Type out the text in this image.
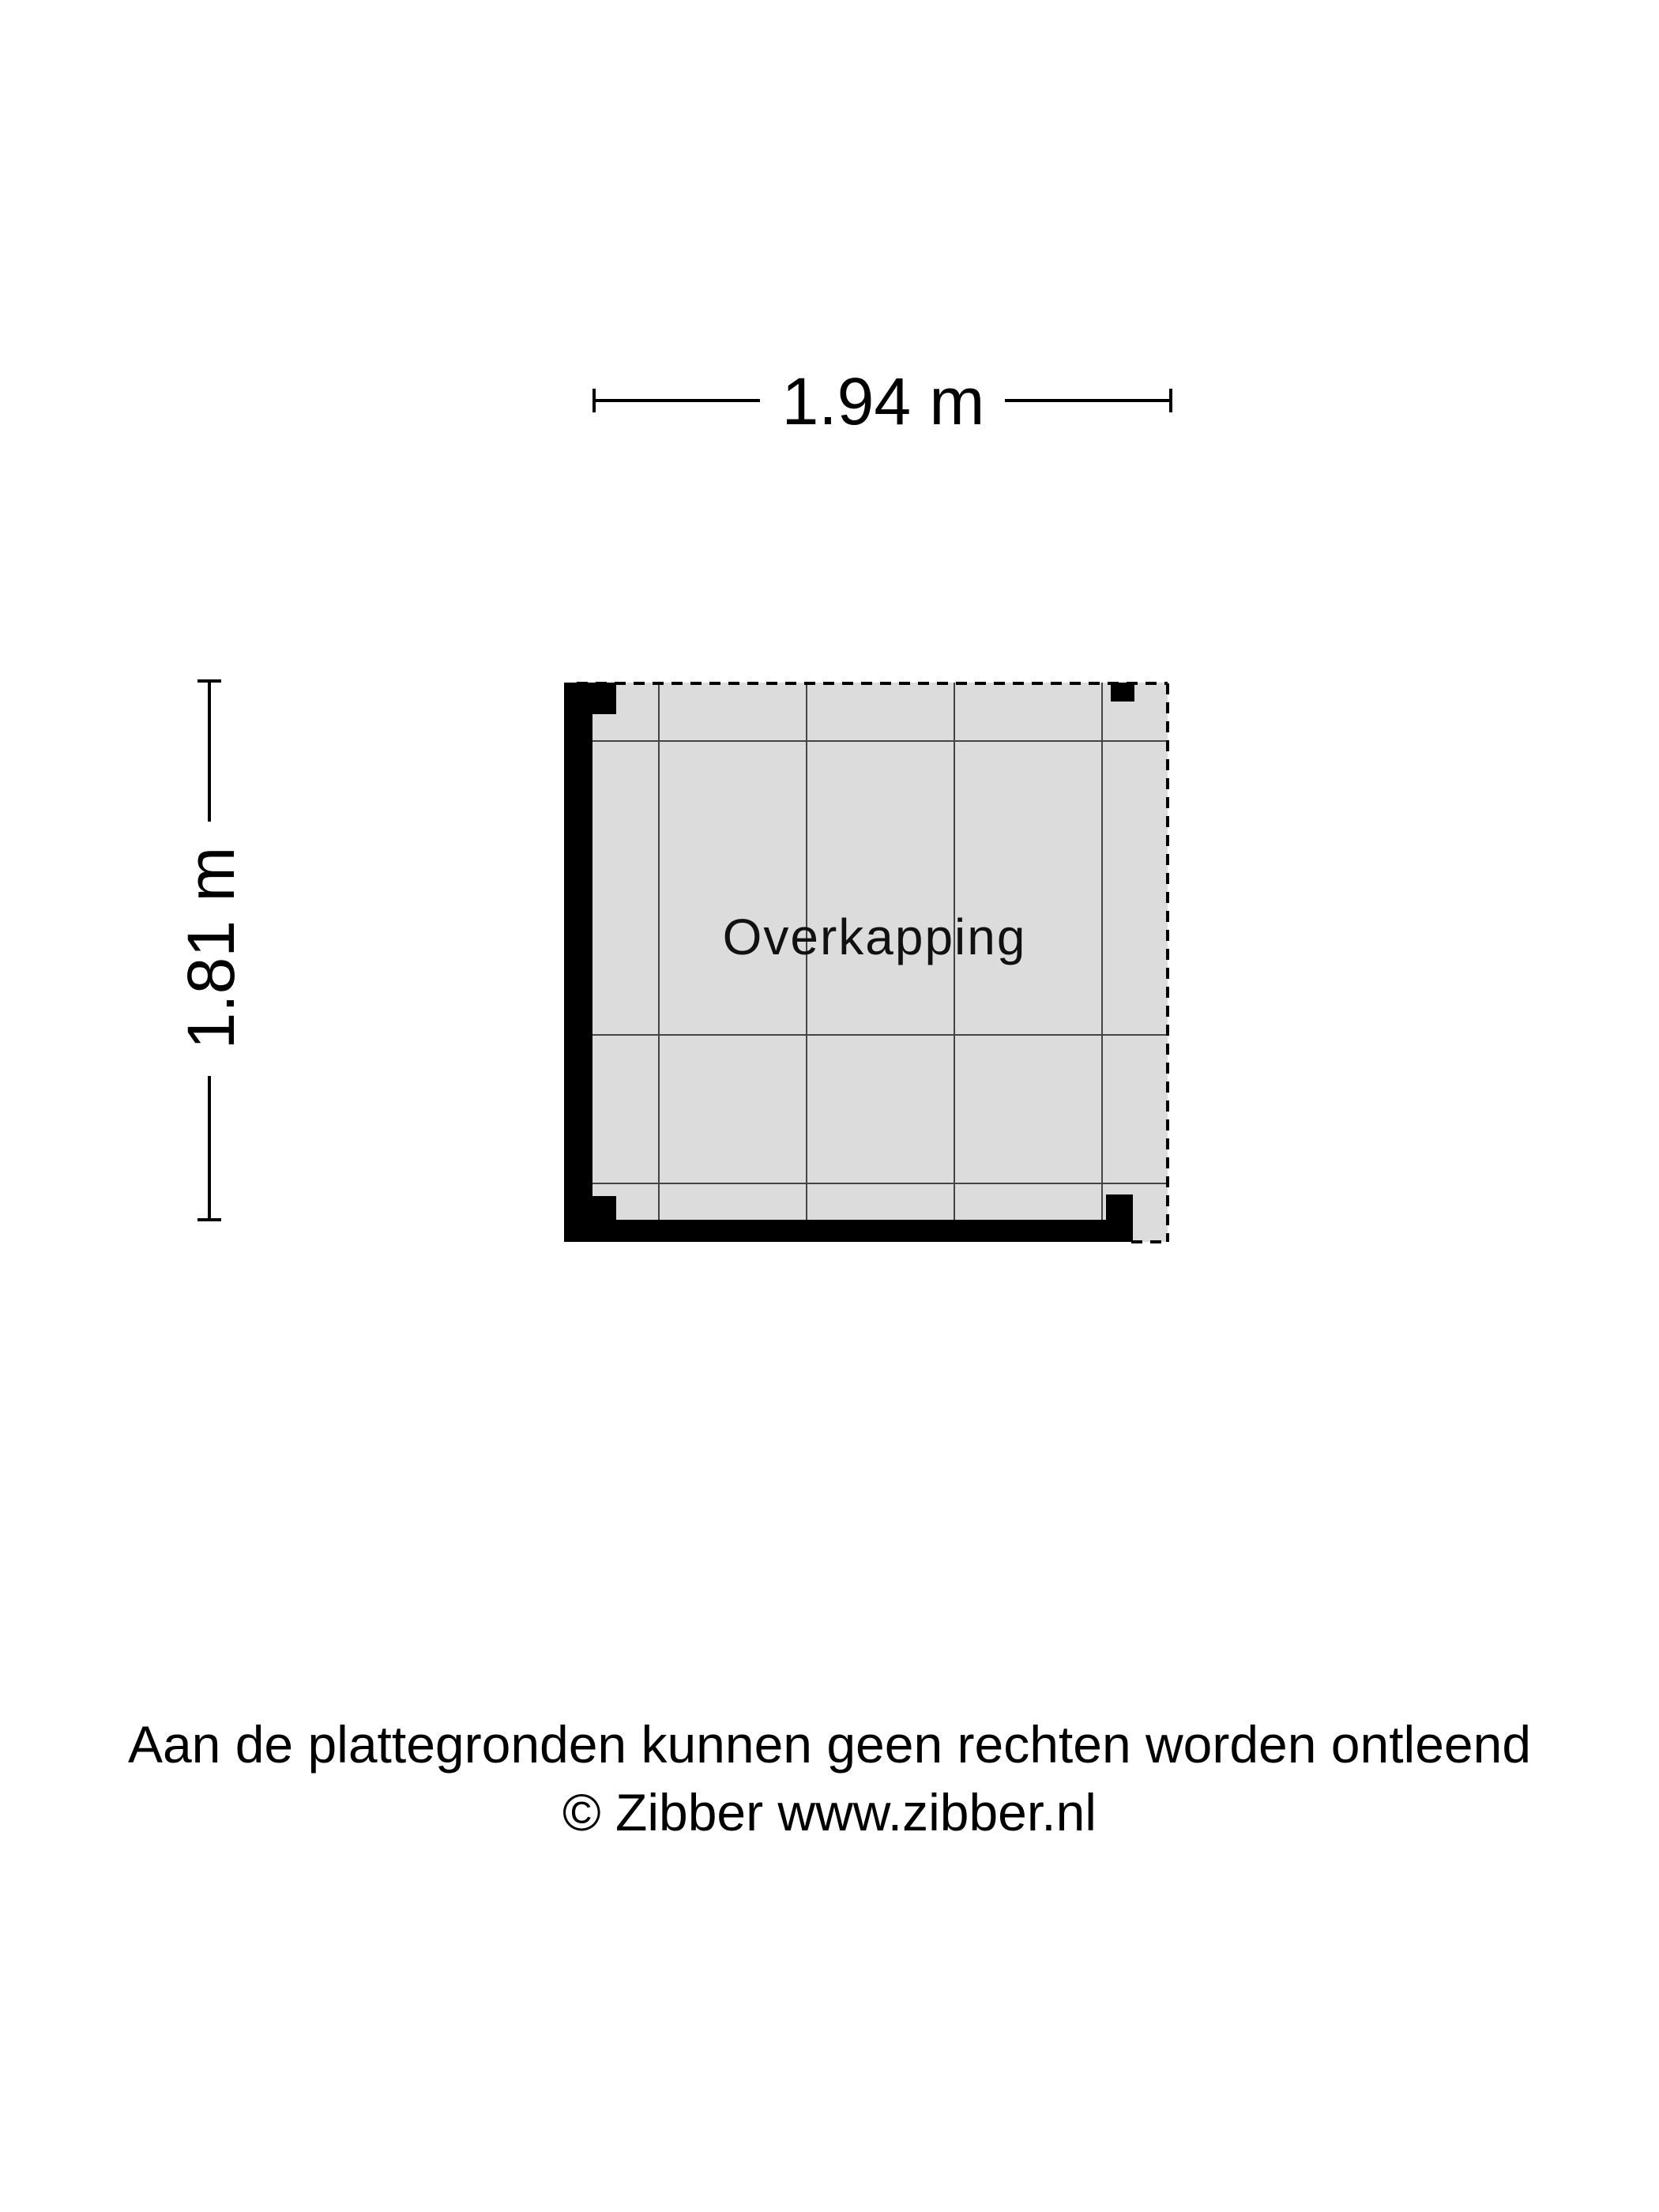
1.94 m
1.81 m	Overkapping
Aan de plattegronden kunnen geen rechten worden ontleend
© Zibber www.zibber.nl
